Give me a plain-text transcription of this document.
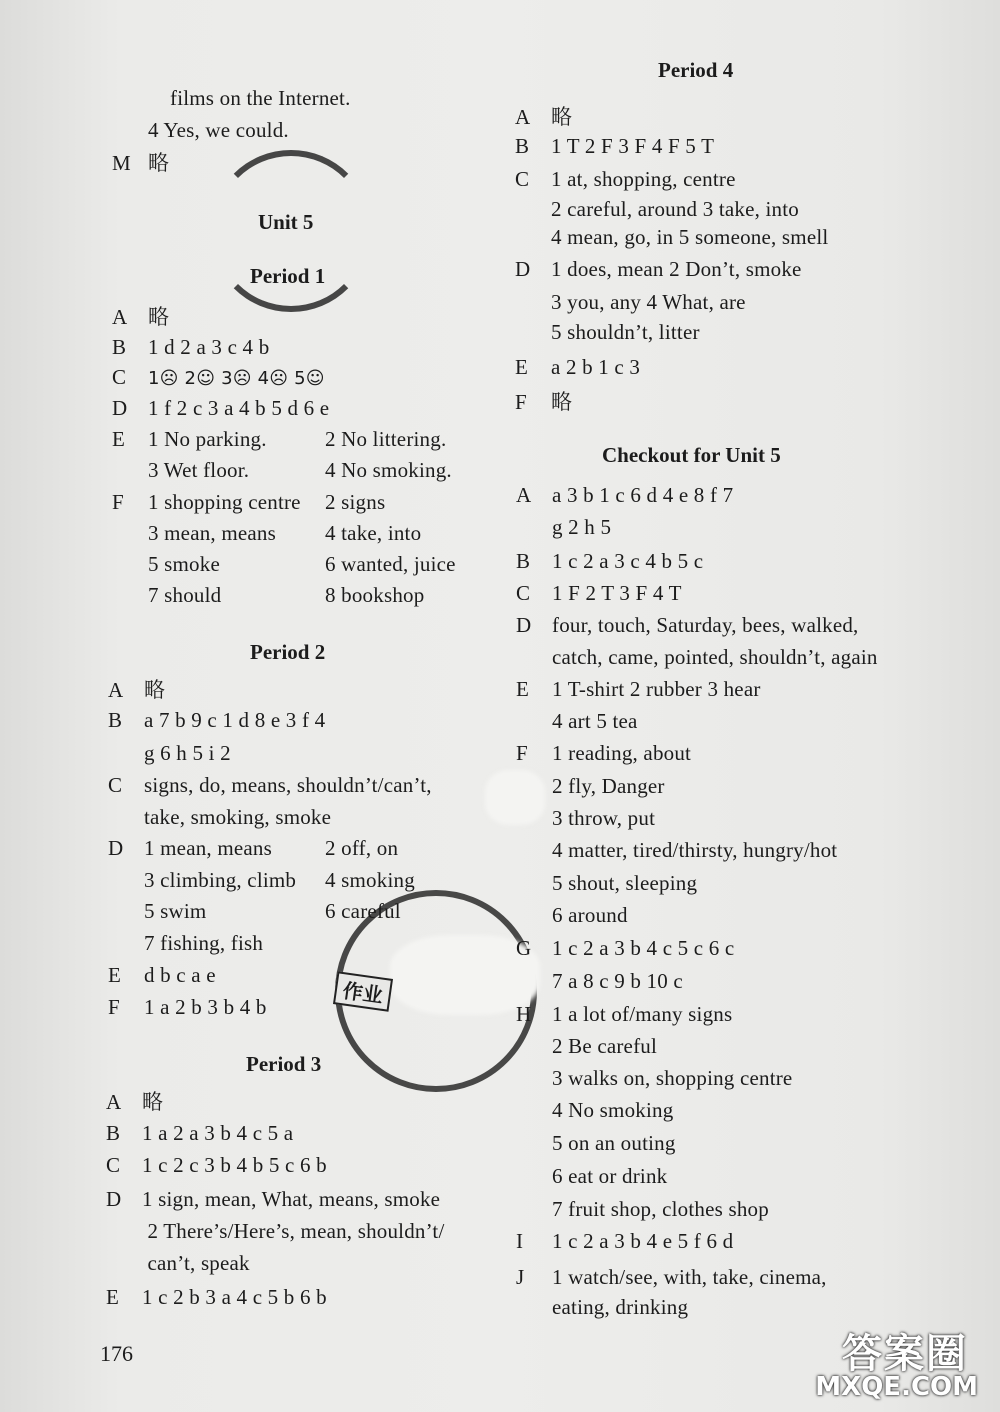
作业
176	答案圈
MXQE.COM
films on the Internet.
4 Yes, we could.
M 略
Unit 5
Period 1
A 略
B 1 d 2 a 3 c 4 b
C 1☹ 2☺ 3☹ 4☹ 5☺
D 1 f 2 c 3 a 4 b 5 d 6 e
E 1 No parking.	2 No littering.
3 Wet floor.	4 No smoking.
F 1 shopping centre 2 signs
3 mean, means 4 take, into
5 smoke	6 wanted, juice
7 should	8 bookshop
Period 2
A 略
B a 7 b 9 c 1 d 8 e 3 f 4
g 6 h 5 i 2
C signs, do, means, shouldn’t/can’t,
take, smoking, smoke
D 1 mean, means	2 off, on
3 climbing, climb 4 smoking
5 swim	6 careful
7 fishing, fish
E d b c a e
F 1 a 2 b 3 b 4 b
Period 3
A 略
B 1 a 2 a 3 b 4 c 5 a
C 1 c 2 c 3 b 4 b 5 c 6 b
D 1 sign, mean, What, means, smoke
2 There’s/Here’s, mean, shouldn’t/
can’t, speak
E 1 c 2 b 3 a 4 c 5 b 6 b
Period 4
A 略
B 1 T 2 F 3 F 4 F 5 T
C 1 at, shopping, centre
2 careful, around 3 take, into
4 mean, go, in 5 someone, smell
D 1 does, mean 2 Don’t, smoke
3 you, any 4 What, are
5 shouldn’t, litter
E a 2 b 1 c 3
F 略
Checkout for Unit 5
A a 3 b 1 c 6 d 4 e 8 f 7
g 2 h 5
B 1 c 2 a 3 c 4 b 5 c
C 1 F 2 T 3 F 4 T
D four, touch, Saturday, bees, walked,
catch, came, pointed, shouldn’t, again
E 1 T-shirt 2 rubber 3 hear
4 art 5 tea
F 1 reading, about
2 fly, Danger
3 throw, put
4 matter, tired/thirsty, hungry/hot
5 shout, sleeping
6 around
G 1 c 2 a 3 b 4 c 5 c 6 c
7 a 8 c 9 b 10 c
H 1 a lot of/many signs
2 Be careful
3 walks on, shopping centre
4 No smoking
5 on an outing
6 eat or drink
7 fruit shop, clothes shop
I 1 c 2 a 3 b 4 e 5 f 6 d
J 1 watch/see, with, take, cinema,
eating, drinking
